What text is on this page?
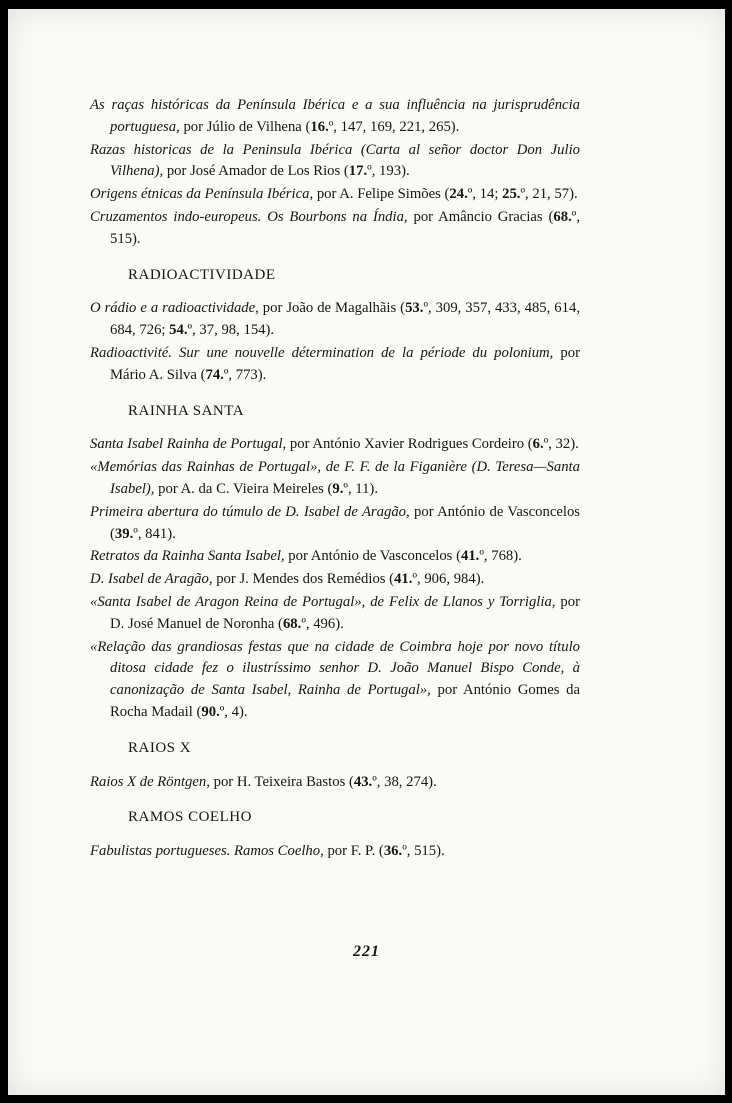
As raças históricas da Península Ibérica e a sua influência na jurisprudência portuguesa, por Júlio de Vilhena (16.º, 147, 169, 221, 265).
Razas historicas de la Peninsula Ibérica (Carta al señor doctor Don Julio Vilhena), por José Amador de Los Rios (17.º, 193).
Origens étnicas da Península Ibérica, por A. Felipe Simões (24.º, 14; 25.º, 21, 57).
Cruzamentos indo-europeus. Os Bourbons na Índia, por Amâncio Gracias (68.º, 515).
RADIOACTIVIDADE
O rádio e a radioactividade, por João de Magalhãis (53.º, 309, 357, 433, 485, 614, 684, 726; 54.º, 37, 98, 154).
Radioactivité. Sur une nouvelle détermination de la période du polonium, por Mário A. Silva (74.º, 773).
RAINHA SANTA
Santa Isabel Rainha de Portugal, por António Xavier Rodrigues Cordeiro (6.º, 32).
«Memórias das Rainhas de Portugal», de F. F. de la Figanière (D. Teresa—Santa Isabel), por A. da C. Vieira Meireles (9.º, 11).
Primeira abertura do túmulo de D. Isabel de Aragão, por António de Vasconcelos (39.º, 841).
Retratos da Rainha Santa Isabel, por António de Vasconcelos (41.º, 768).
D. Isabel de Aragão, por J. Mendes dos Remédios (41.º, 906, 984).
«Santa Isabel de Aragon Reina de Portugal», de Felix de Llanos y Torriglia, por D. José Manuel de Noronha (68.º, 496).
«Relação das grandiosas festas que na cidade de Coimbra hoje por novo título ditosa cidade fez o ilustríssimo senhor D. João Manuel Bispo Conde, à canonização de Santa Isabel, Rainha de Portugal», por António Gomes da Rocha Madail (90.º, 4).
RAIOS X
Raios X de Röntgen, por H. Teixeira Bastos (43.º, 38, 274).
RAMOS COELHO
Fabulistas portugueses. Ramos Coelho, por F. P. (36.º, 515).
221
